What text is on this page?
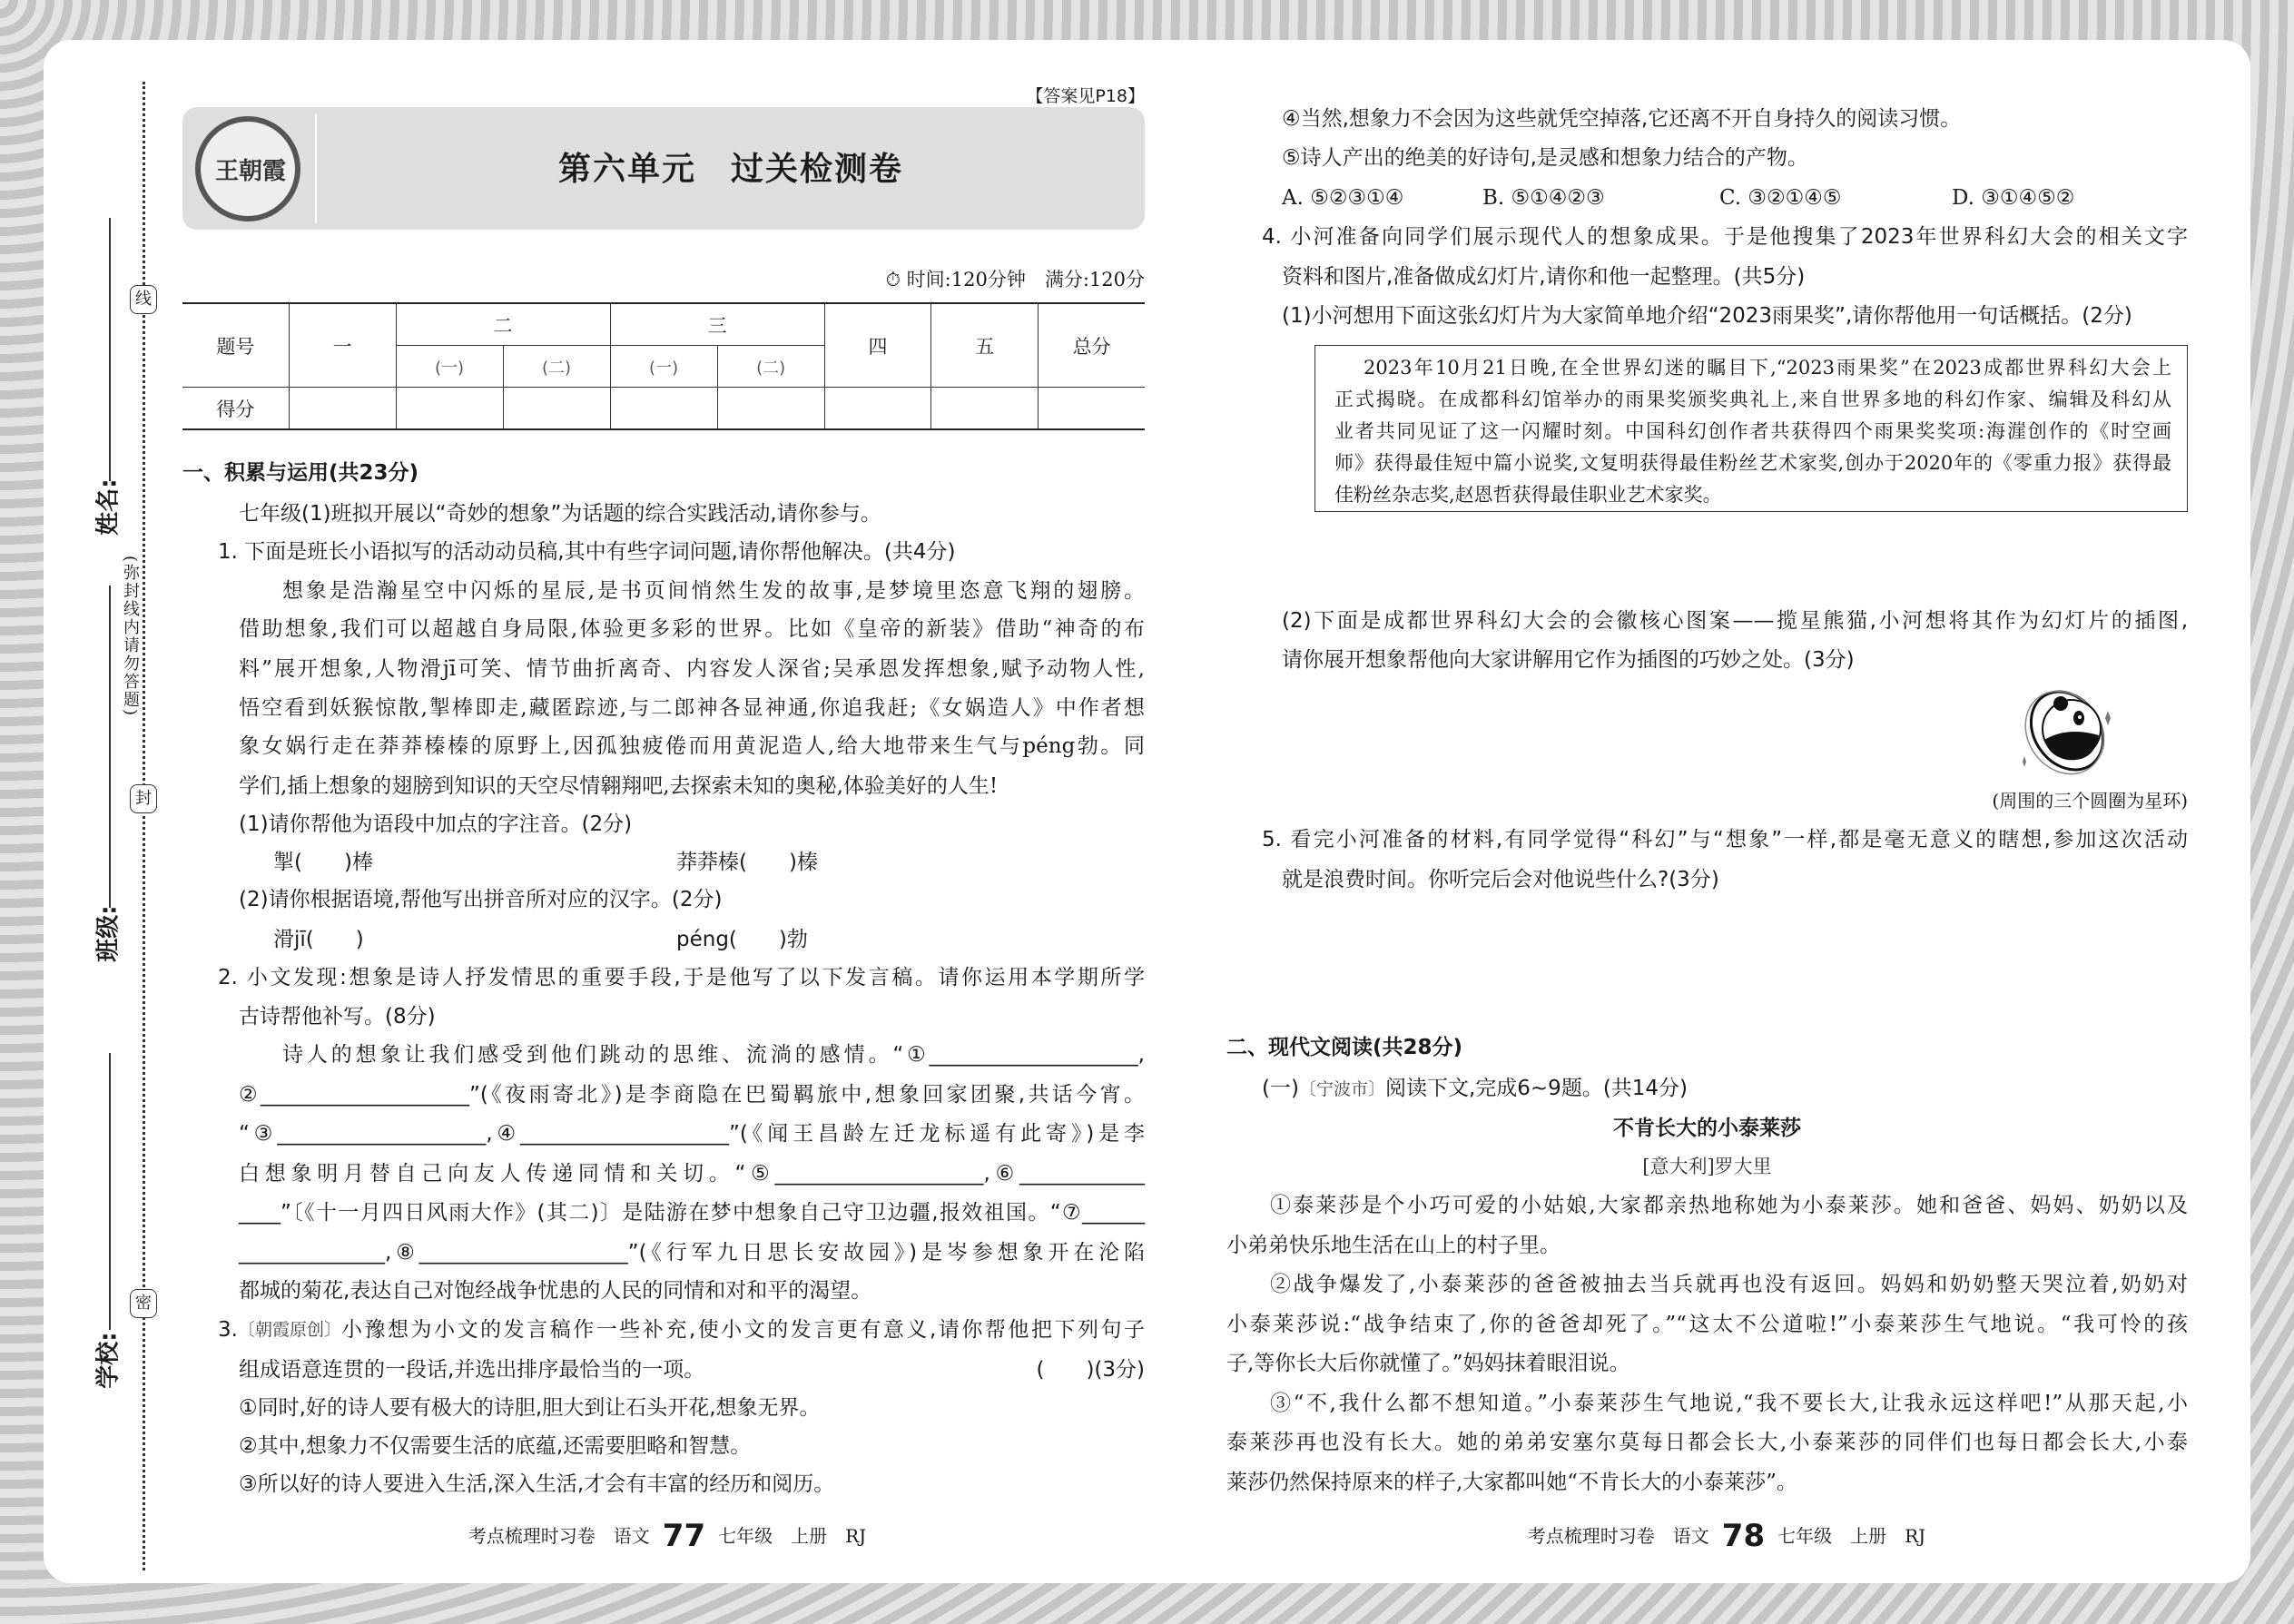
姓名:
班级:
学校:
(弥封线内请勿答题)
线
封
密
【答案见P18】
王朝霞	第六单元　过关检测卷
⏱ 时间:120分钟　满分:120分
题号	一	二		三		四	五	总分
		(一)	(二)	(一)	(二)			
得分								
一、积累与运用(共23分)
七年级(1)班拟开展以“奇妙的想象”为话题的综合实践活动,请你参与。
1. 下面是班长小语拟写的活动动员稿,其中有些字词问题,请你帮他解决。(共4分)
想象是浩瀚星空中闪烁的星辰,是书页间悄然生发的故事,是梦境里恣意飞翔的翅膀。
借助想象,我们可以超越自身局限,体验更多彩的世界。比如《皇帝的新装》借助“神奇的布
料”展开想象,人物滑jī可笑、情节曲折离奇、内容发人深省;吴承恩发挥想象,赋予动物人性,
悟空看到妖猴惊散,掣棒即走,藏匿踪迹,与二郎神各显神通,你追我赶;《女娲造人》中作者想
象女娲行走在莽莽榛榛的原野上,因孤独疲倦而用黄泥造人,给大地带来生气与péng勃。同
学们,插上想象的翅膀到知识的天空尽情翱翔吧,去探索未知的奥秘,体验美好的人生!
(1)请你帮他为语段中加点的字注音。(2分)
掣(　　)棒	莽莽榛(　　)榛
(2)请你根据语境,帮他写出拼音所对应的汉字。(2分)
滑jī(　　)	péng(　　)勃
2. 小文发现:想象是诗人抒发情思的重要手段,于是他写了以下发言稿。请你运用本学期所学
古诗帮他补写。(8分)
诗人的想象让我们感受到他们跳动的思维、流淌的感情。“①____________________,
②____________________”(《夜雨寄北》)是李商隐在巴蜀羁旅中,想象回家团聚,共话今宵。
“③____________________,④____________________”(《闻王昌龄左迁龙标遥有此寄》)是李
白想象明月替自己向友人传递同情和关切。“⑤____________________,⑥____________
____”〔《十一月四日风雨大作》(其二)〕是陆游在梦中想象自己守卫边疆,报效祖国。“⑦______
______________,⑧____________________”(《行军九日思长安故园》)是岑参想象开在沦陷
都城的菊花,表达自己对饱经战争忧患的人民的同情和对和平的渴望。
3. 〔朝霞原创〕 小豫想为小文的发言稿作一些补充,使小文的发言更有意义,请你帮他把下列句子
组成语意连贯的一段话,并选出排序最恰当的一项。	(　　)(3分)
①同时,好的诗人要有极大的诗胆,胆大到让石头开花,想象无界。
②其中,想象力不仅需要生活的底蕴,还需要胆略和智慧。
③所以好的诗人要进入生活,深入生活,才会有丰富的经历和阅历。
考点梳理时习卷　语文 77 七年级　上册　RJ
④当然,想象力不会因为这些就凭空掉落,它还离不开自身持久的阅读习惯。
⑤诗人产出的绝美的好诗句,是灵感和想象力结合的产物。
A. ⑤②③①④	B. ⑤①④②③	C. ③②①④⑤	D. ③①④⑤②
4. 小河准备向同学们展示现代人的想象成果。于是他搜集了2023年世界科幻大会的相关文字
资料和图片,准备做成幻灯片,请你和他一起整理。(共5分)
(1)小河想用下面这张幻灯片为大家简单地介绍“2023雨果奖”,请你帮他用一句话概括。(2分)
2023年10月21日晚,在全世界幻迷的瞩目下,“2023雨果奖”在2023成都世界科幻大会上
正式揭晓。在成都科幻馆举办的雨果奖颁奖典礼上,来自世界多地的科幻作家、编辑及科幻从
业者共同见证了这一闪耀时刻。中国科幻创作者共获得四个雨果奖奖项:海漄创作的《时空画
师》获得最佳短中篇小说奖,文复明获得最佳粉丝艺术家奖,创办于2020年的《零重力报》获得最
佳粉丝杂志奖,赵恩哲获得最佳职业艺术家奖。
(2)下面是成都世界科幻大会的会徽核心图案——揽星熊猫,小河想将其作为幻灯片的插图,
请你展开想象帮他向大家讲解用它作为插图的巧妙之处。(3分)
(周围的三个圆圈为星环)
5. 看完小河准备的材料,有同学觉得“科幻”与“想象”一样,都是毫无意义的瞎想,参加这次活动
就是浪费时间。你听完后会对他说些什么?(3分)
二、现代文阅读(共28分)
(一)〔宁波市〕阅读下文,完成6~9题。(共14分)
不肯长大的小泰莱莎
[意大利]罗大里
①泰莱莎是个小巧可爱的小姑娘,大家都亲热地称她为小泰莱莎。她和爸爸、妈妈、奶奶以及
小弟弟快乐地生活在山上的村子里。
②战争爆发了,小泰莱莎的爸爸被抽去当兵就再也没有返回。妈妈和奶奶整天哭泣着,奶奶对
小泰莱莎说:“战争结束了,你的爸爸却死了。”“这太不公道啦!”小泰莱莎生气地说。“我可怜的孩
子,等你长大后你就懂了。”妈妈抹着眼泪说。
③“不,我什么都不想知道。”小泰莱莎生气地说,“我不要长大,让我永远这样吧!”从那天起,小
泰莱莎再也没有长大。她的弟弟安塞尔莫每日都会长大,小泰莱莎的同伴们也每日都会长大,小泰
莱莎仍然保持原来的样子,大家都叫她“不肯长大的小泰莱莎”。
考点梳理时习卷　语文 78 七年级　上册　RJ
